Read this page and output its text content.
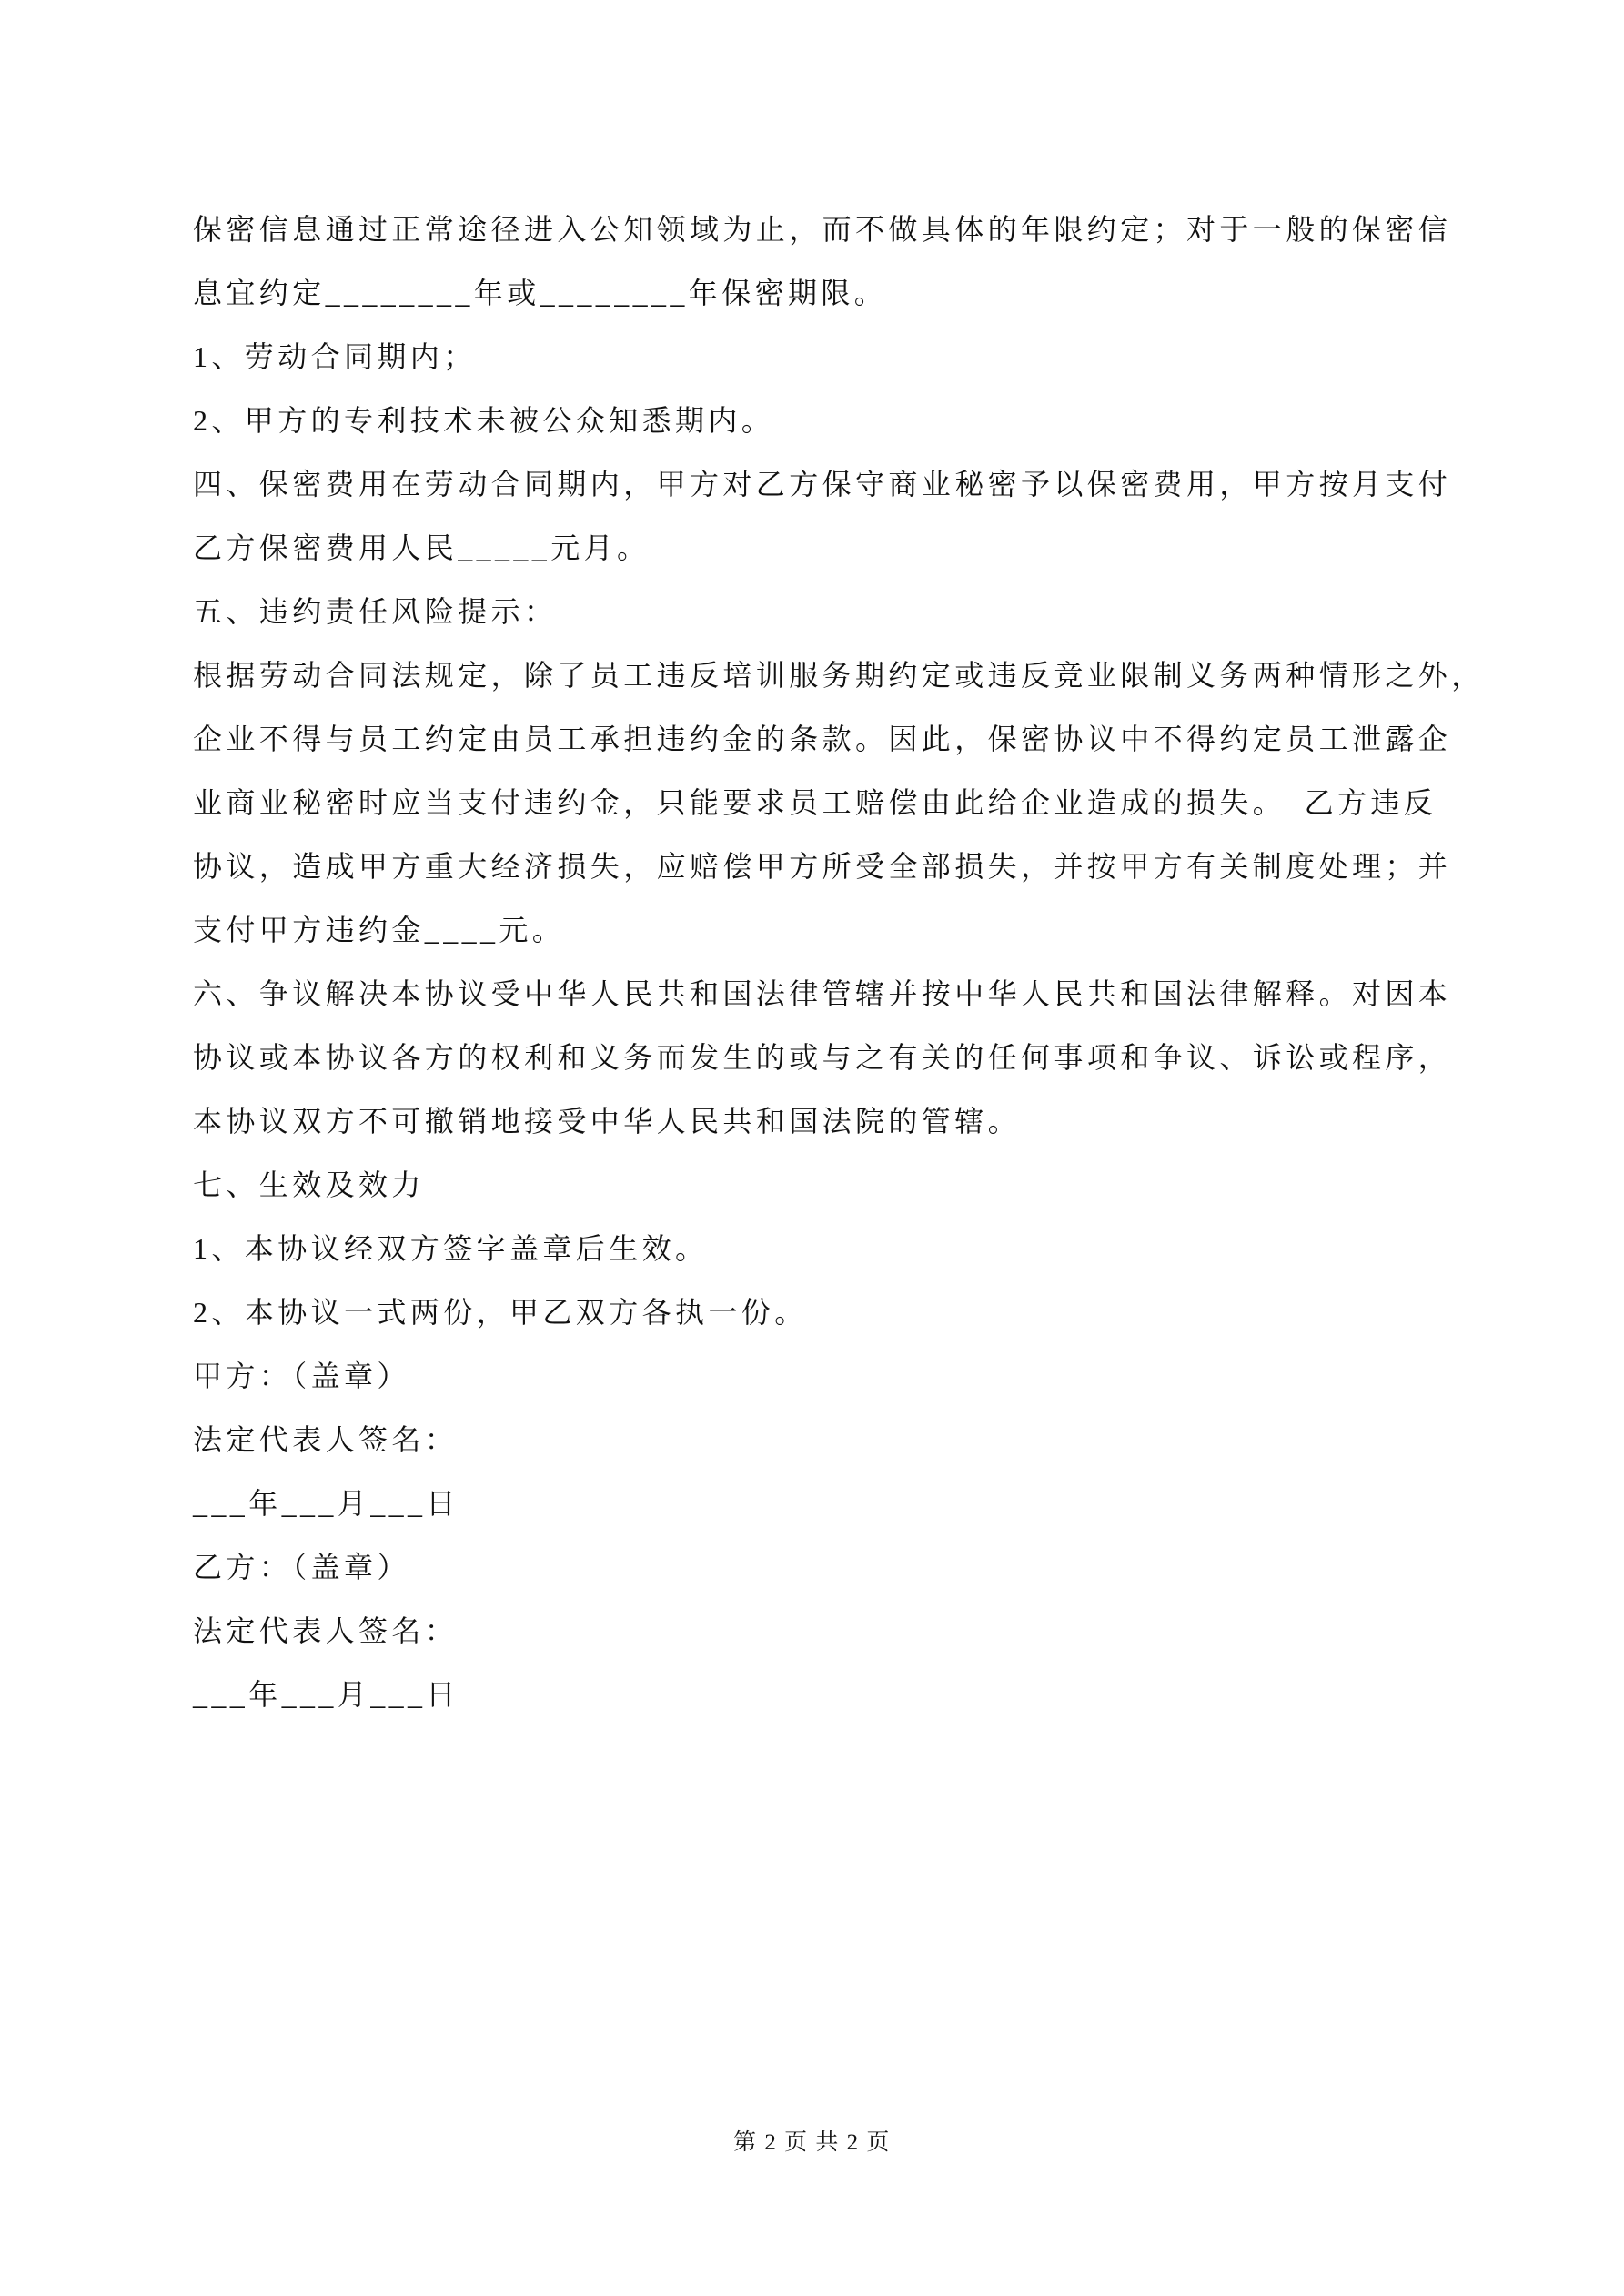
保密信息通过正常途径进入公知领域为止，而不做具体的年限约定；对于一般的保密信

息宜约定________年或________年保密期限。

1、劳动合同期内；

2、甲方的专利技术未被公众知悉期内。

四、保密费用在劳动合同期内，甲方对乙方保守商业秘密予以保密费用，甲方按月支付

乙方保密费用人民_____元月。

五、违约责任风险提示：

根据劳动合同法规定，除了员工违反培训服务期约定或违反竞业限制义务两种情形之外，

企业不得与员工约定由员工承担违约金的条款。因此，保密协议中不得约定员工泄露企

业商业秘密时应当支付违约金，只能要求员工赔偿由此给企业造成的损失。　乙方违反

协议，造成甲方重大经济损失，应赔偿甲方所受全部损失，并按甲方有关制度处理；并

支付甲方违约金____元。

六、争议解决本协议受中华人民共和国法律管辖并按中华人民共和国法律解释。对因本

协议或本协议各方的权利和义务而发生的或与之有关的任何事项和争议、诉讼或程序，

本协议双方不可撤销地接受中华人民共和国法院的管辖。

七、生效及效力

1、本协议经双方签字盖章后生效。

2、本协议一式两份，甲乙双方各执一份。

甲方：（盖章）

法定代表人签名：

___年___月___日

乙方：（盖章）

法定代表人签名：

___年___月___日

第 2 页 共 2 页
